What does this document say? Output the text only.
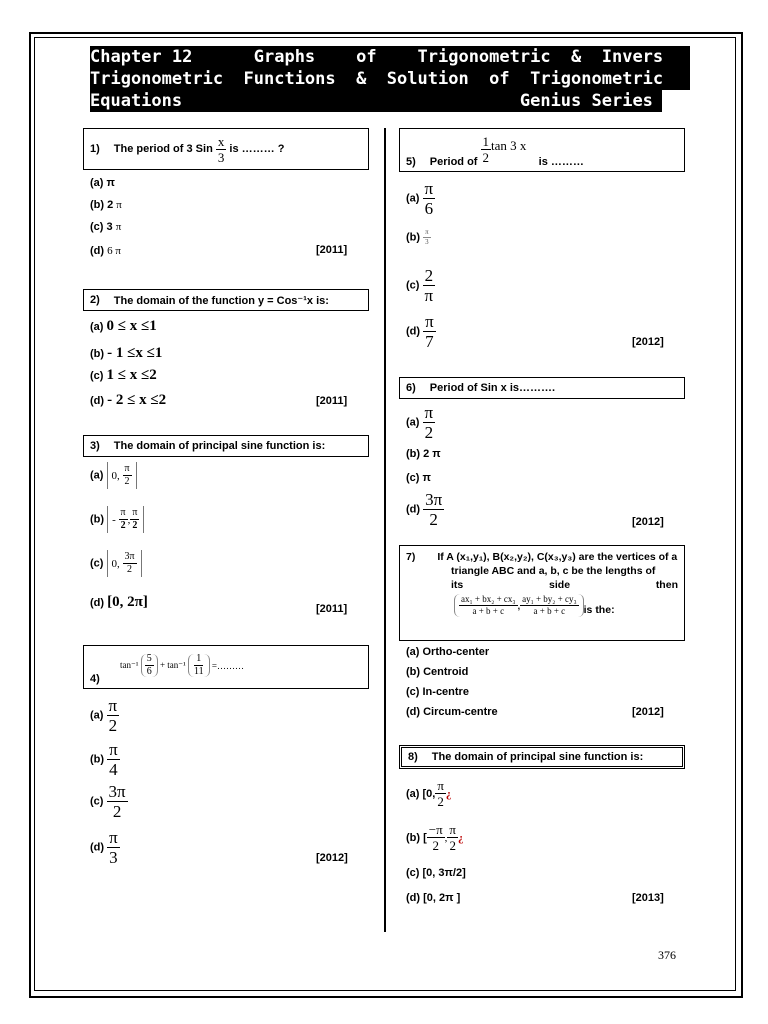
Chapter 12      Graphs    of    Trigonometric  &  Invers
Trigonometric  Functions  &  Solution  of  Trigonometric
Equations                                 Genius Series
1) The period of 3 Sin
$\frac{x}{3}$
is ……… ?
(a) π
(b) 2 π
(c) 3 π
(d) 6 π	[2011]
2) The domain of the function y = Cos⁻¹x is:
(a) 0 ≤ x ≤1
(b) - 1 ≤x ≤1
(c) 1 ≤ x ≤2
(d) - 2 ≤ x ≤2	[2011]
3) The domain of principal sine function is:
(a) 0, $\frac{\pi}{2}$
$(b) - \frac{\pi}{2}$ , $\frac{\pi}{2}$
(c) 0, $\frac{3\pi}{2}$
(d) [0, 2π]	[2011]
4)
tan⁻¹
$\frac{5}{6}$
+ tan⁻¹
$\frac{1}{11}$
=………
$(a) \frac{\pi}{2}$
$(b) \frac{\pi}{4}$
$(c) \frac{3\pi}{2}$
$(d) \frac{\pi}{3}$	[2012]
5) Period of
$\frac{1}{2}$ tan 3 x

is ………
$(a) \frac{\pi}{6}$
$(b) \frac{\pi}{3}$
$(c) \frac{2}{\pi}$
$(d) \frac{\pi}{7}$	[2012]
6) Period of Sin x is……….
$(a) \frac{\pi}{2}$
(b) 2 π
(c) π
$(d) \frac{3\pi}{2}$	[2012]
7) If A (x₁,y₁), B(x₂,y₂), C(x₃,y₃) are the vertices of a
triangle ABC and a, b, c be the lengths of
its	side	then
$\frac{\text{ax₁ + bx₂ + cx₃}}{a + b + c}$ , $\frac{\text{ay₁ + by₂ + cy₃}}{a + b + c}$ is the:
(a) Ortho-center
(b) Centroid
(c) In-centre
(d) Circum-centre	[2012]
8) The domain of principal sine function is:
(a) [0, $\frac{\pi}{2}$ ¿
(b) [ $\frac{-\pi}{2}$ , $\frac{\pi}{2}$ ¿
(c) [0, 3π/2]
(d) [0, 2π ]	[2013]
376
